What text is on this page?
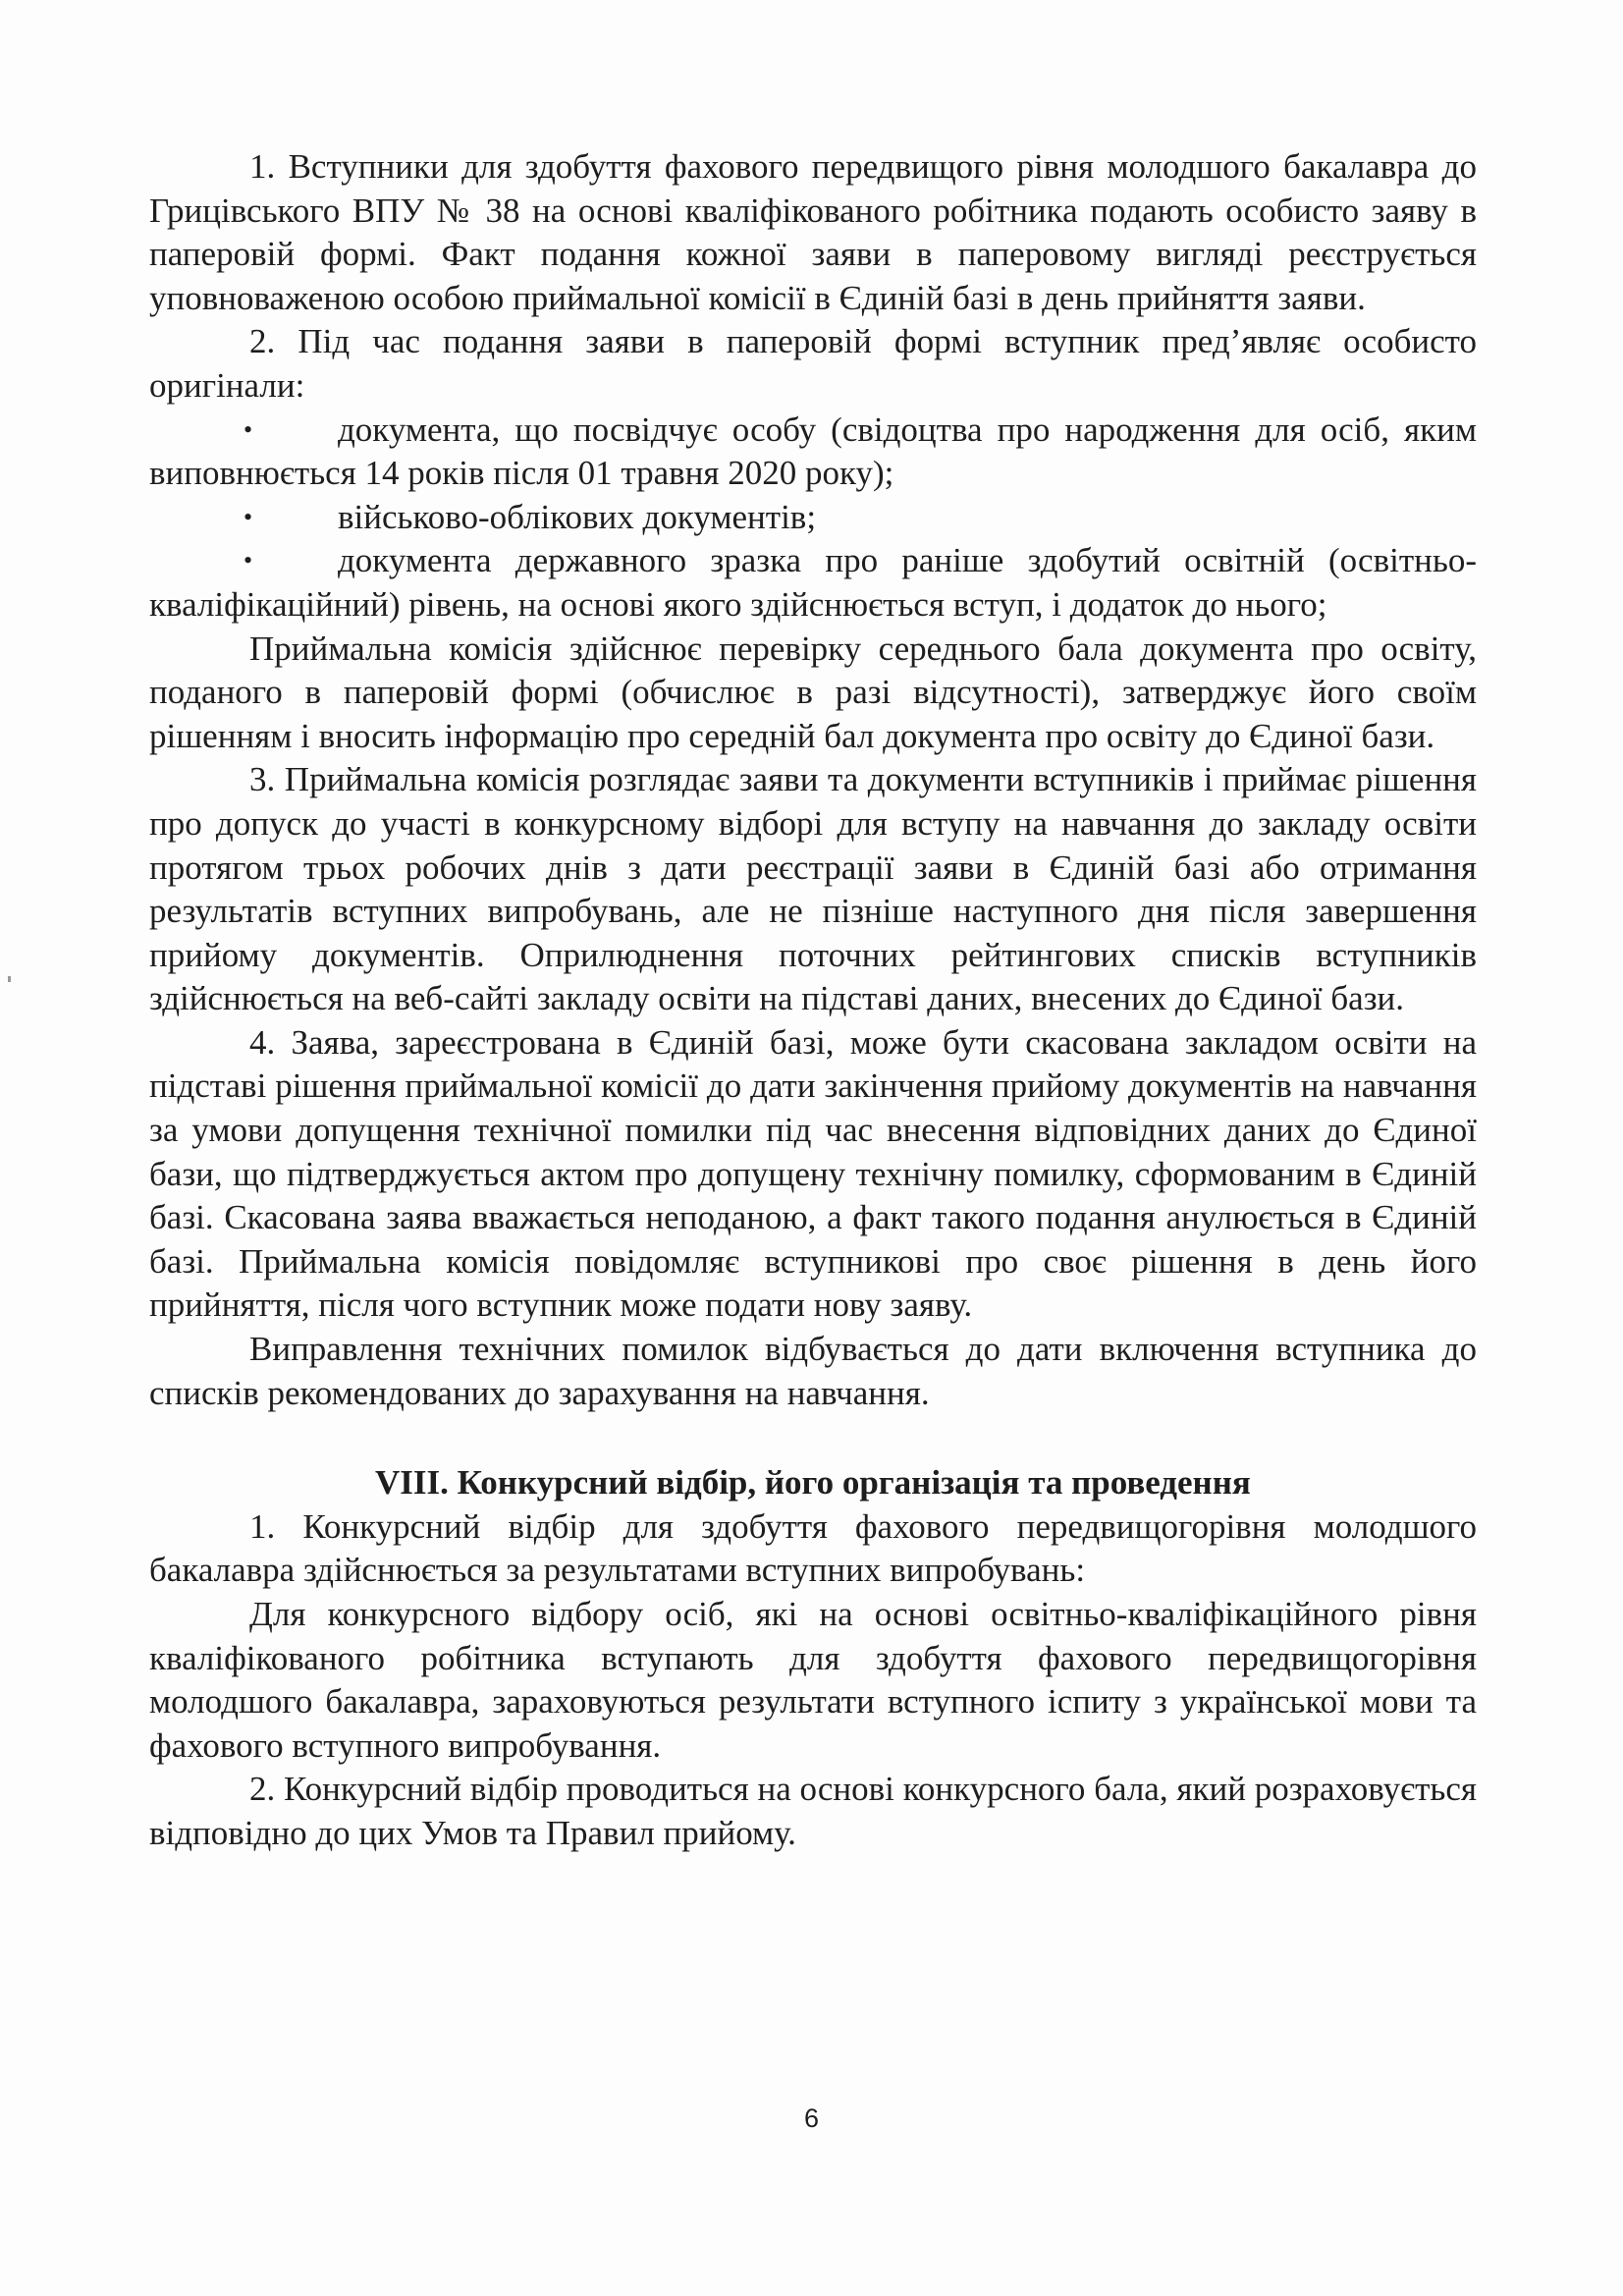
1. Вступники для здобуття фахового передвищого рівня молодшого бакалавра до Грицівського ВПУ № 38 на основі кваліфікованого робітника подають особисто заяву в паперовій формі. Факт подання кожної заяви в паперовому вигляді реєструється уповноваженою особою приймальної комісії в Єдиній базі в день прийняття заяви.

2. Під час подання заяви в паперовій формі вступник пред’являє особисто оригінали:

• документа, що посвідчує особу (свідоцтва про народження для осіб, яким виповнюється 14 років після 01 травня 2020 року);

• військово-облікових документів;

• документа державного зразка про раніше здобутий освітній (освітньо-кваліфікаційний) рівень, на основі якого здійснюється вступ, і додаток до нього;

Приймальна комісія здійснює перевірку середнього бала документа про освіту, поданого в паперовій формі (обчислює в разі відсутності), затверджує його своїм рішенням і вносить інформацію про середній бал документа про освіту до Єдиної бази.

3. Приймальна комісія розглядає заяви та документи вступників і приймає рішення про допуск до участі в конкурсному відборі для вступу на навчання до закладу освіти протягом трьох робочих днів з дати реєстрації заяви в Єдиній базі або отримання результатів вступних випробувань, але не пізніше наступного дня після завершення прийому документів. Оприлюднення поточних рейтингових списків вступників здійснюється на веб-сайті закладу освіти на підставі даних, внесених до Єдиної бази.

4. Заява, зареєстрована в Єдиній базі, може бути скасована закладом освіти на підставі рішення приймальної комісії до дати закінчення прийому документів на навчання за умови допущення технічної помилки під час внесення відповідних даних до Єдиної бази, що підтверджується актом про допущену технічну помилку, сформованим в Єдиній базі. Скасована заява вважається неподаною, а факт такого подання анулюється в Єдиній базі. Приймальна комісія повідомляє вступникові про своє рішення в день його прийняття, після чого вступник може подати нову заяву.

Виправлення технічних помилок відбувається до дати включення вступника до списків рекомендованих до зарахування на навчання.

VIII. Конкурсний відбір, його організація та проведення

1. Конкурсний відбір для здобуття фахового передвищогорівня молодшого бакалавра здійснюється за результатами вступних випробувань:

Для конкурсного відбору осіб, які на основі освітньо-кваліфікаційного рівня кваліфікованого робітника вступають для здобуття фахового передвищогорівня молодшого бакалавра, зараховуються результати вступного іспиту з української мови та фахового вступного випробування.

2. Конкурсний відбір проводиться на основі конкурсного бала, який розраховується відповідно до цих Умов та Правил прийому.

6
